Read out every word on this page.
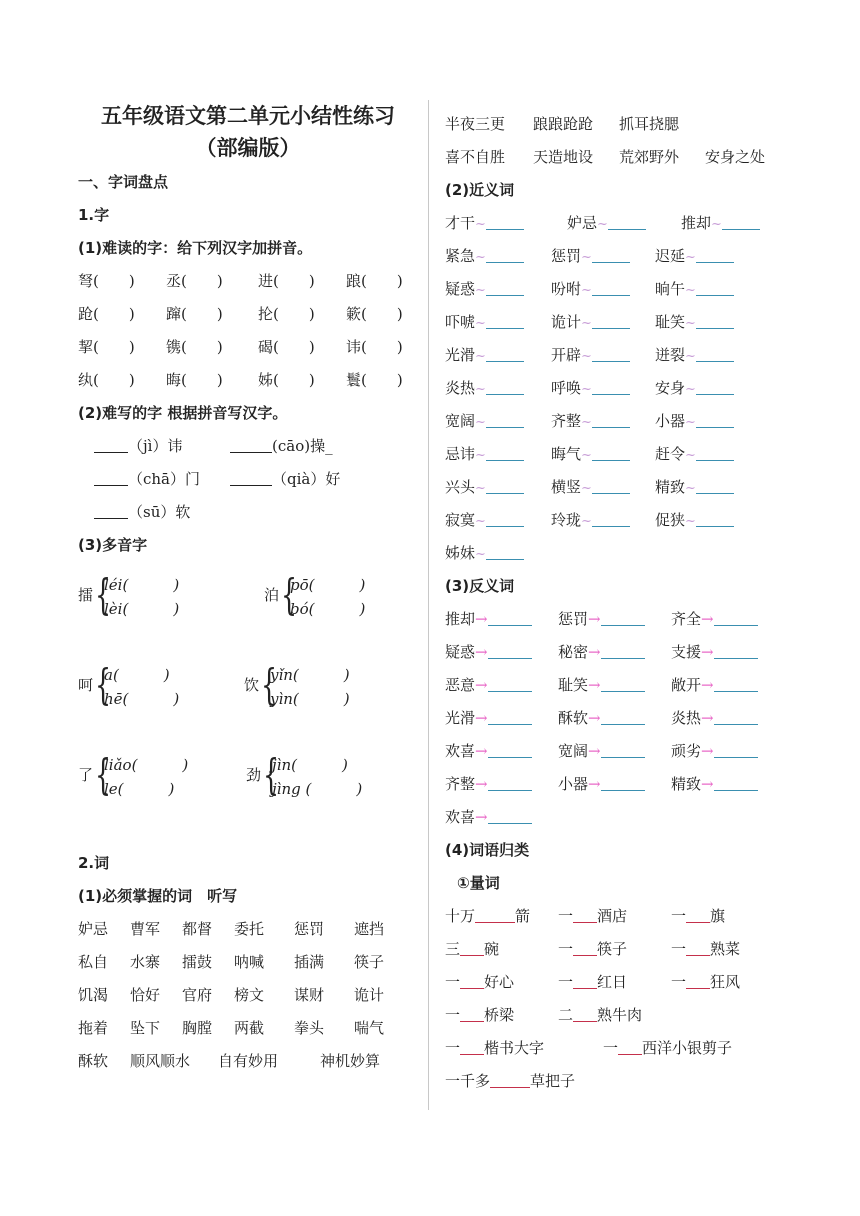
五年级语文第二单元小结性练习
（部编版）
一、字词盘点
1.字
(1)难读的字：给下列汉字加拼音。
弩(　　) 丞(　　) 进(　　) 踉(　　)
跄(　　) 蹿(　　) 抡(　　) 簌(　　)
挈(　　) 镌(　　) 碣(　　) 讳(　　)
纨(　　) 晦(　　) 姊(　　) 鬟(　　)
(2)难写的字 根据拼音写汉字。
（jì）讳	(cāo)操_
（chā）门	（qià）好
（sū）软
(3)多音字
擂 {
léi(　　　)
lèi(　　　)
泊 {
pō(　　　)
bó(　　　)
呵 {
a(　　　)
hē(　　　)
饮 {
yǐn(　　　)
yìn(　　　)
了 {
liǎo(　　　)
le(　　　)
劲 {
jìn(　　　)
jìng (　　　)
2.词
(1)必须掌握的词　听写
妒忌 曹军 都督 委托 惩罚 遮挡
私自 水寨 擂鼓 呐喊 插满 筷子
饥渴 恰好 官府 榜文 谋财 诡计
拖着 坠下 胸膛 两截 拳头 喘气
酥软 顺风顺水 自有妙用	神机妙算
半夜三更 踉踉跄跄 抓耳挠腮
喜不自胜 天造地设 荒郊野外 安身之处
(2)近义词
才干~	妒忌~	推却~
紧急~	惩罚~	迟延~
疑惑~	吩咐~	晌午~
吓唬~	诡计~	耻笑~
光滑~	开辟~	迸裂~
炎热~	呼唤~	安身~
宽阔~	齐整~	小器~
忌讳~	晦气~	赶令~
兴头~	横竖~	精致~
寂寞~	玲珑~	促狭~
姊妹~
(3)反义词
推却→	惩罚→	齐全→
疑惑→	秘密→	支援→
恶意→	耻笑→	敞开→
光滑→	酥软→	炎热→
欢喜→	宽阔→	顽劣→
齐整→	小器→	精致→
欢喜→
(4)词语归类
①量词
十万	箭 一 酒店	一 旗
三 碗	一 筷子	一 熟菜
一 好心	一 红日	一 狂风
一 桥梁	二 熟牛肉
一 楷书大字	一 西洋小银剪子
一千多	草把子
